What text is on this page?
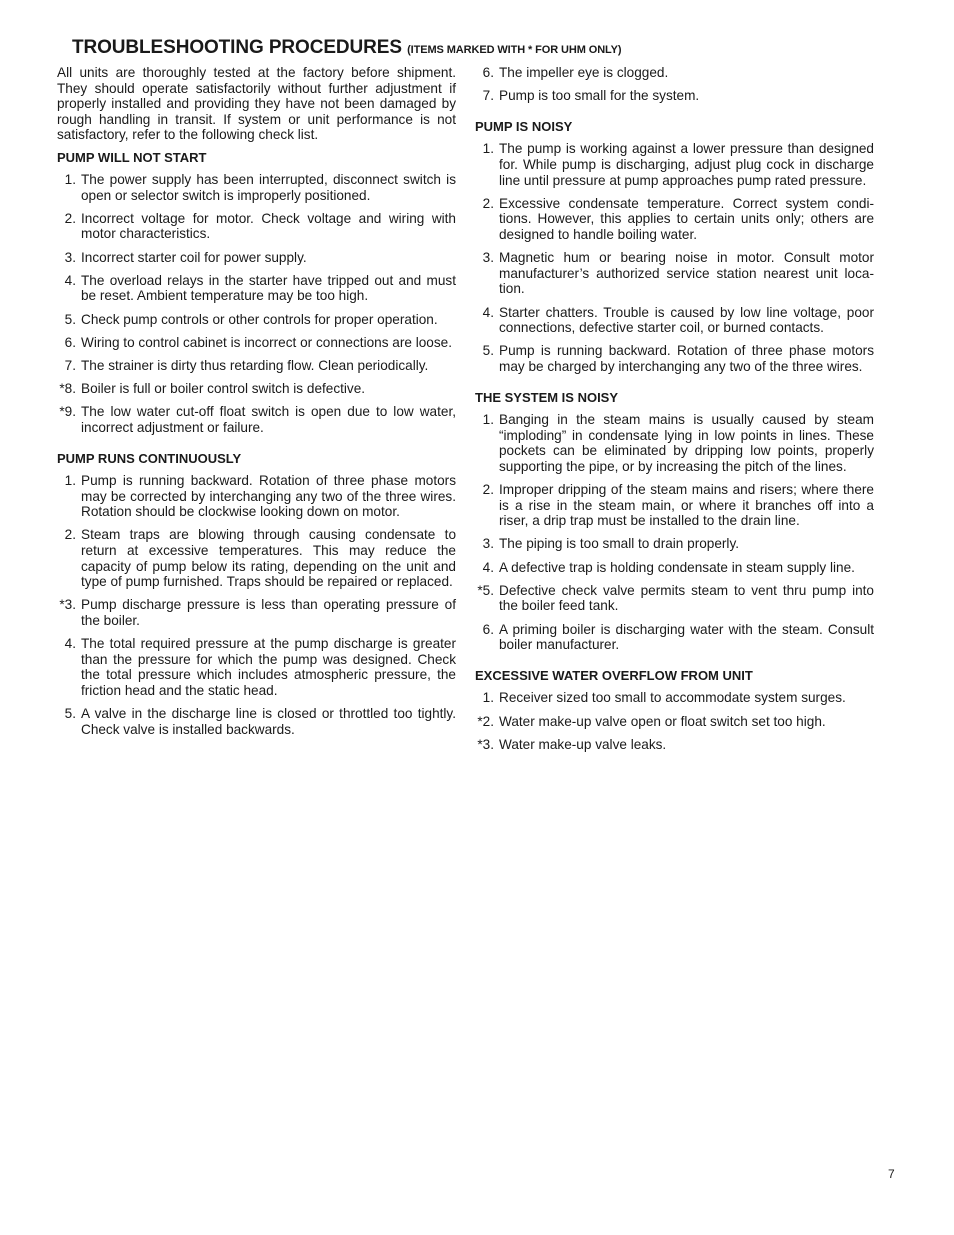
TROUBLESHOOTING PROCEDURES (ITEMS MARKED WITH * FOR UHM ONLY)

All units are thoroughly tested at the factory before shipment. They should operate satisfactorily without further adjustment if properly installed and providing they have not been damaged by rough handling in transit. If system or unit performance is not satisfactory, refer to the following check list.

PUMP WILL NOT START
1. The power supply has been interrupted, disconnect switch is open or selector switch is improperly positioned.
2. Incorrect voltage for motor. Check voltage and wiring with motor characteristics.
3. Incorrect starter coil for power supply.
4. The overload relays in the starter have tripped out and must be reset. Ambient temperature may be too high.
5. Check pump controls or other controls for proper operation.
6. Wiring to control cabinet is incorrect or connections are loose.
7. The strainer is dirty thus retarding flow. Clean periodically.
*8. Boiler is full or boiler control switch is defective.
*9. The low water cut-off float switch is open due to low water, incorrect adjustment or failure.
PUMP RUNS CONTINUOUSLY
1. Pump is running backward. Rotation of three phase motors may be corrected by interchanging any two of the three wires. Rotation should be clockwise looking down on motor.
2. Steam traps are blowing through causing condensate to return at excessive temperatures. This may reduce the capacity of pump below its rating, depending on the unit and type of pump furnished. Traps should be repaired or replaced.
*3. Pump discharge pressure is less than operating pressure of the boiler.
4. The total required pressure at the pump discharge is greater than the pressure for which the pump was designed. Check the total pressure which includes atmospheric pressure, the friction head and the static head.
5. A valve in the discharge line is closed or throttled too tightly. Check valve is installed backwards.
6. The impeller eye is clogged.
7. Pump is too small for the system.
PUMP IS NOISY
1. The pump is working against a lower pressure than designed for. While pump is discharging, adjust plug cock in discharge line until pressure at pump approaches pump rated pressure.
2. Excessive condensate temperature. Correct system condi-tions. However, this applies to certain units only; others are designed to handle boiling water.
3. Magnetic hum or bearing noise in motor. Consult motor manufacturer’s authorized service station nearest unit loca-tion.
4. Starter chatters. Trouble is caused by low line voltage, poor connections, defective starter coil, or burned contacts.
5. Pump is running backward. Rotation of three phase motors may be charged by interchanging any two of the three wires.
THE SYSTEM IS NOISY
1. Banging in the steam mains is usually caused by steam “imploding” in condensate lying in low points in lines. These pockets can be eliminated by dripping low points, properly supporting the pipe, or by increasing the pitch of the lines.
2. Improper dripping of the steam mains and risers; where there is a rise in the steam main, or where it branches off into a riser, a drip trap must be installed to the drain line.
3. The piping is too small to drain properly.
4. A defective trap is holding condensate in steam supply line.
*5. Defective check valve permits steam to vent thru pump into the boiler feed tank.
6. A priming boiler is discharging water with the steam. Consult boiler manufacturer.
EXCESSIVE WATER OVERFLOW FROM UNIT
1. Receiver sized too small to accommodate system surges.
*2. Water make-up valve open or float switch set too high.
*3. Water make-up valve leaks.
7
